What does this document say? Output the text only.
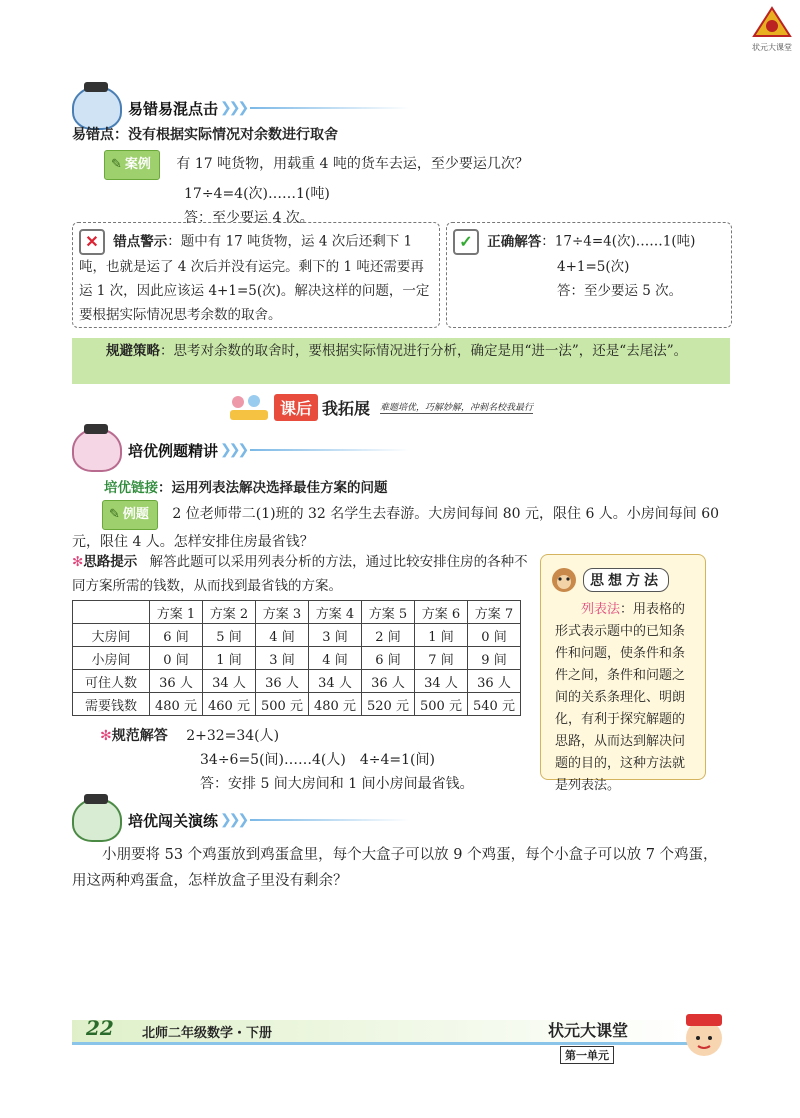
状元大课堂
易错易混点击 ❯❯❯
易错点：没有根据实际情况对余数进行取舍
✎ 案例 有 17 吨货物，用载重 4 吨的货车去运，至少要运几次？
17÷4=4(次)……1(吨)
答：至少要运 4 次。
✕ 错点警示：题中有 17 吨货物，运 4 次后还剩下 1 吨，也就是运了 4 次后并没有运完。剩下的 1 吨还需要再运 1 次，因此应该运 4+1=5(次)。解决这样的问题，一定要根据实际情况思考余数的取舍。
✓ 正确解答：17÷4=4(次)……1(吨)
4+1=5(次)
答：至少要运 5 次。
规避策略：思考对余数的取舍时，要根据实际情况进行分析，确定是用“进一法”，还是“去尾法”。
课后 我拓展 难题培优，巧解妙解，冲刺名校我最行
培优例题精讲 ❯❯❯
培优链接：运用列表法解决选择最佳方案的问题
✎ 例题 2 位老师带二(1)班的 32 名学生去春游。大房间每间 80 元，限住 6 人。小房间每间 60 元，限住 4 人。怎样安排住房最省钱？
✻思路提示 解答此题可以采用列表分析的方法，通过比较安排住房的各种不同方案所需的钱数，从而找到最省钱的方案。
	方案 1	方案 2	方案 3	方案 4	方案 5	方案 6	方案 7
大房间	6 间	5 间	4 间	3 间	2 间	1 间	0 间
小房间	0 间	1 间	3 间	4 间	6 间	7 间	9 间
可住人数	36 人	34 人	36 人	34 人	36 人	34 人	36 人
需要钱数	480 元	460 元	500 元	480 元	520 元	500 元	540 元
✻规范解答 2+32=34(人)
34÷6=5(间)……4(人)　4÷4=1(间)
答：安排 5 间大房间和 1 间小房间最省钱。
思想方法
列表法：用表格的形式表示题中的已知条件和问题，使条件和条件之间，条件和问题之间的关系条理化、明朗化，有利于探究解题的思路，从而达到解决问题的目的，这种方法就是列表法。
培优闯关演练 ❯❯❯
小朋要将 53 个鸡蛋放到鸡蛋盒里，每个大盒子可以放 9 个鸡蛋，每个小盒子可以放 7 个鸡蛋，用这两种鸡蛋盒，怎样放盒子里没有剩余？
22 北师二年级数学・下册	状元大课堂
第一单元
